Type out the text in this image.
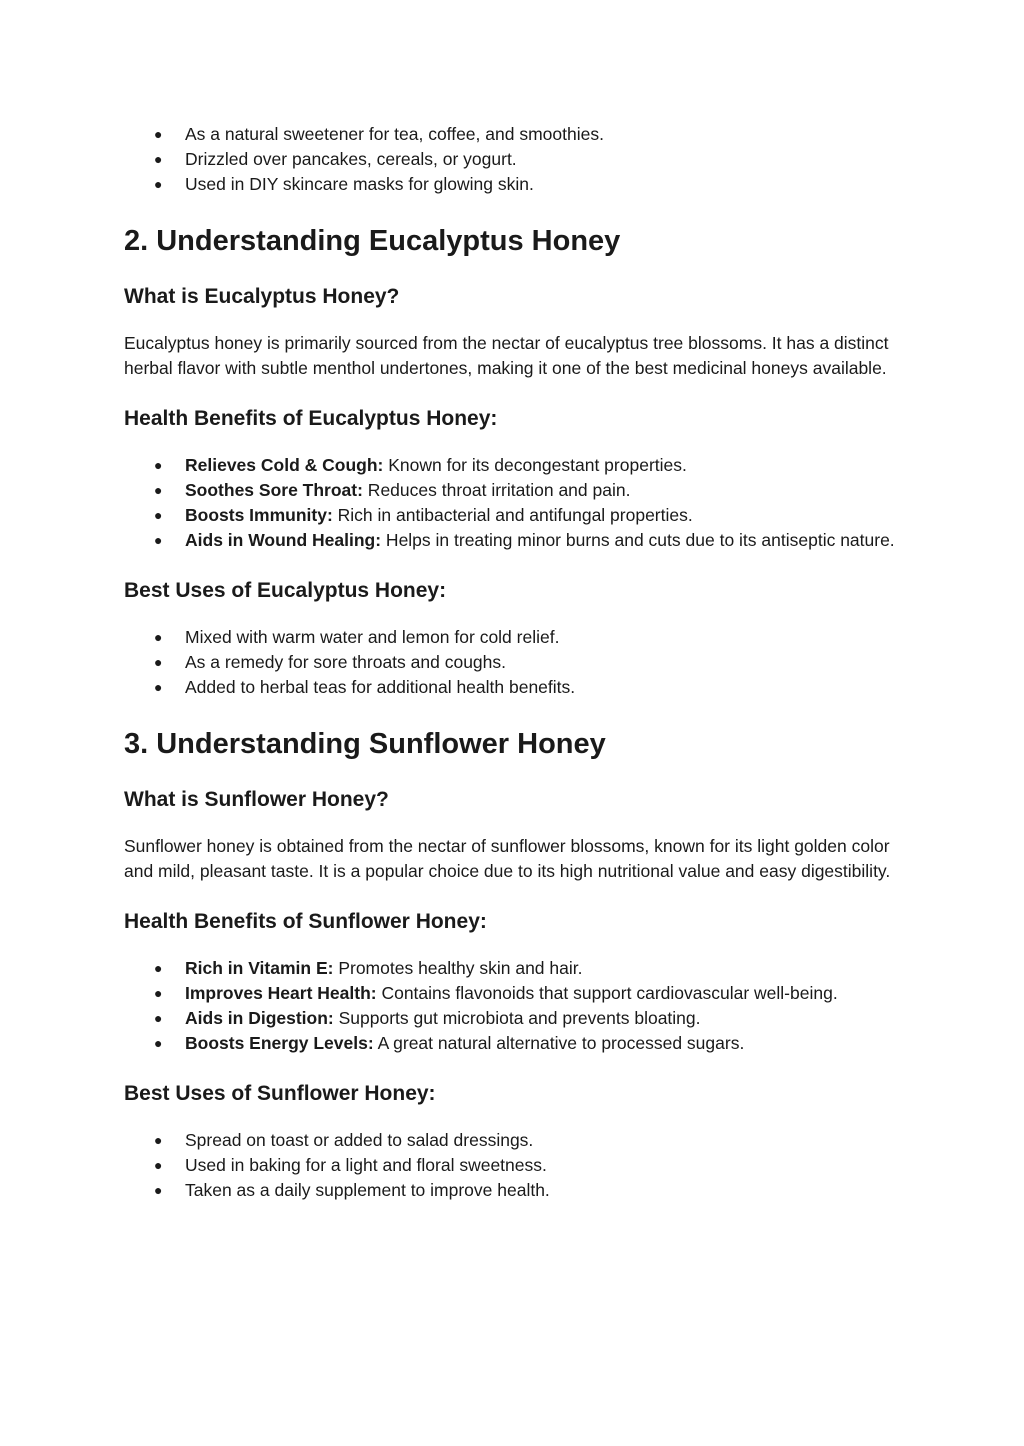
● As a natural sweetener for tea, coffee, and smoothies.
● Drizzled over pancakes, cereals, or yogurt.
● Used in DIY skincare masks for glowing skin.
2. Understanding Eucalyptus Honey
What is Eucalyptus Honey?

Eucalyptus honey is primarily sourced from the nectar of eucalyptus tree blossoms. It has a distinct herbal flavor with subtle menthol undertones, making it one of the best medicinal honeys available.

Health Benefits of Eucalyptus Honey:
● Relieves Cold & Cough: Known for its decongestant properties.
● Soothes Sore Throat: Reduces throat irritation and pain.
● Boosts Immunity: Rich in antibacterial and antifungal properties.
● Aids in Wound Healing: Helps in treating minor burns and cuts due to its antiseptic nature.
Best Uses of Eucalyptus Honey:
● Mixed with warm water and lemon for cold relief.
● As a remedy for sore throats and coughs.
● Added to herbal teas for additional health benefits.
3. Understanding Sunflower Honey
What is Sunflower Honey?

Sunflower honey is obtained from the nectar of sunflower blossoms, known for its light golden color and mild, pleasant taste. It is a popular choice due to its high nutritional value and easy digestibility.

Health Benefits of Sunflower Honey:
● Rich in Vitamin E: Promotes healthy skin and hair.
● Improves Heart Health: Contains flavonoids that support cardiovascular well-being.
● Aids in Digestion: Supports gut microbiota and prevents bloating.
● Boosts Energy Levels: A great natural alternative to processed sugars.
Best Uses of Sunflower Honey:
● Spread on toast or added to salad dressings.
● Used in baking for a light and floral sweetness.
● Taken as a daily supplement to improve health.
